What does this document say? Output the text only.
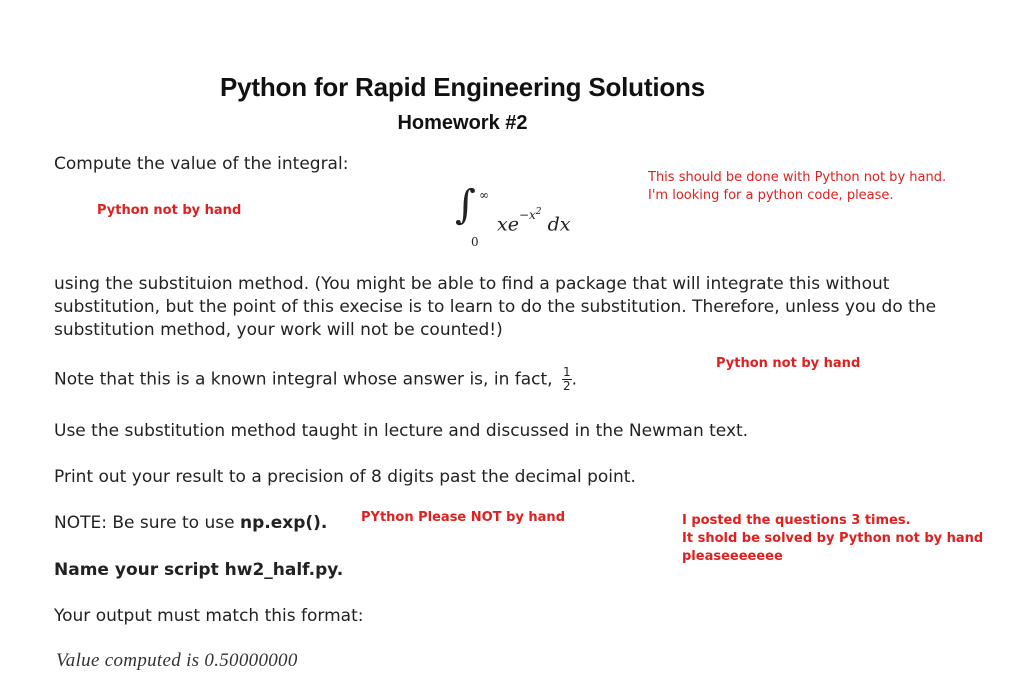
Python for Rapid Engineering Solutions
Homework #2
Compute the value of the integral:
Python not by hand
This should be done with Python not by hand.
I'm looking for a python code, please.
∫ ∞
0
$xe^{-x^2}$ dx
using the substituion method. (You might be able to find a package that will integrate this without substitution, but the point of this execise is to learn to do the substitution. Therefore, unless you do the substitution method, your work will not be counted!)
Python not by hand
Note that this is a known integral whose answer is, in fact, $\frac{1}{2}$ .
Use the substitution method taught in lecture and discussed in the Newman text.
Print out your result to a precision of 8 digits past the decimal point.
NOTE: Be sure to use np.exp().	PYthon Please NOT by hand	I posted the questions 3 times.
It shold be solved by Python not by hand
pleaseeeeeee
Name your script hw2_half.py.
Your output must match this format:
Value computed is 0.50000000
